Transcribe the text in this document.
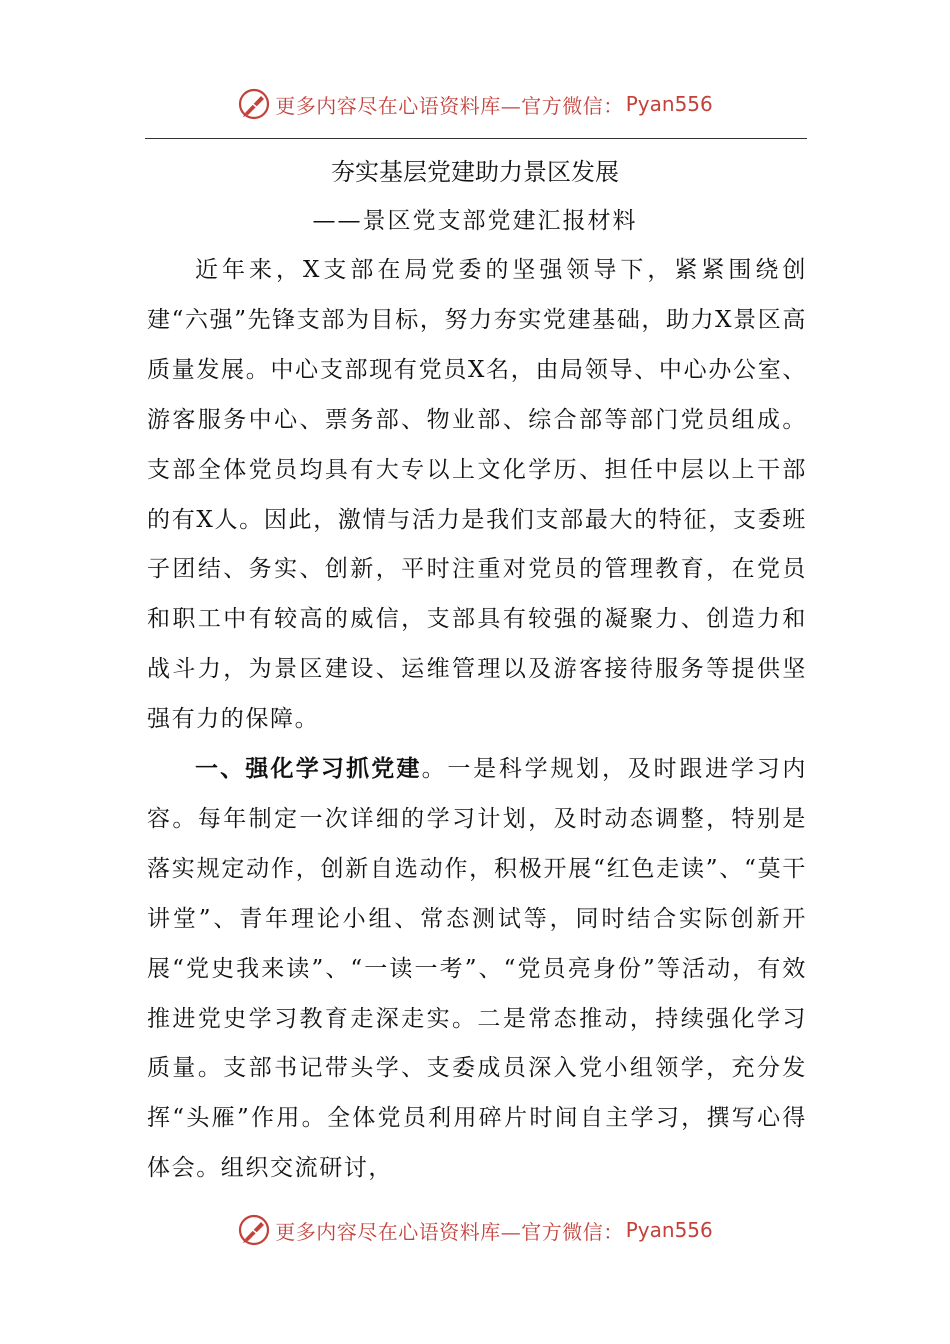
更多内容尽在心语资料库—官方微信： Pyan556
夯实基层党建助力景区发展
——景区党支部党建汇报材料

近年来，X支部在局党委的坚强领导下，紧紧围绕创建“六强”先锋支部为目标，努力夯实党建基础，助力X景区高质量发展。中心支部现有党员X名，由局领导、中心办公室、游客服务中心、票务部、物业部、综合部等部门党员组成。支部全体党员均具有大专以上文化学历、担任中层以上干部的有X人。因此，激情与活力是我们支部最大的特征，支委班子团结、务实、创新，平时注重对党员的管理教育，在党员和职工中有较高的威信，支部具有较强的凝聚力、创造力和战斗力，为景区建设、运维管理以及游客接待服务等提供坚强有力的保障。

一、强化学习抓党建。一是科学规划，及时跟进学习内容。每年制定一次详细的学习计划，及时动态调整，特别是落实规定动作，创新自选动作，积极开展“红色走读”、“莫干讲堂”、青年理论小组、常态测试等，同时结合实际创新开展“党史我来读”、“一读一考”、“党员亮身份”等活动，有效推进党史学习教育走深走实。二是常态推动，持续强化学习质量。支部书记带头学、支委成员深入党小组领学，充分发挥“头雁”作用。全体党员利用碎片时间自主学习，撰写心得体会。组织交流研讨，

更多内容尽在心语资料库—官方微信： Pyan556
